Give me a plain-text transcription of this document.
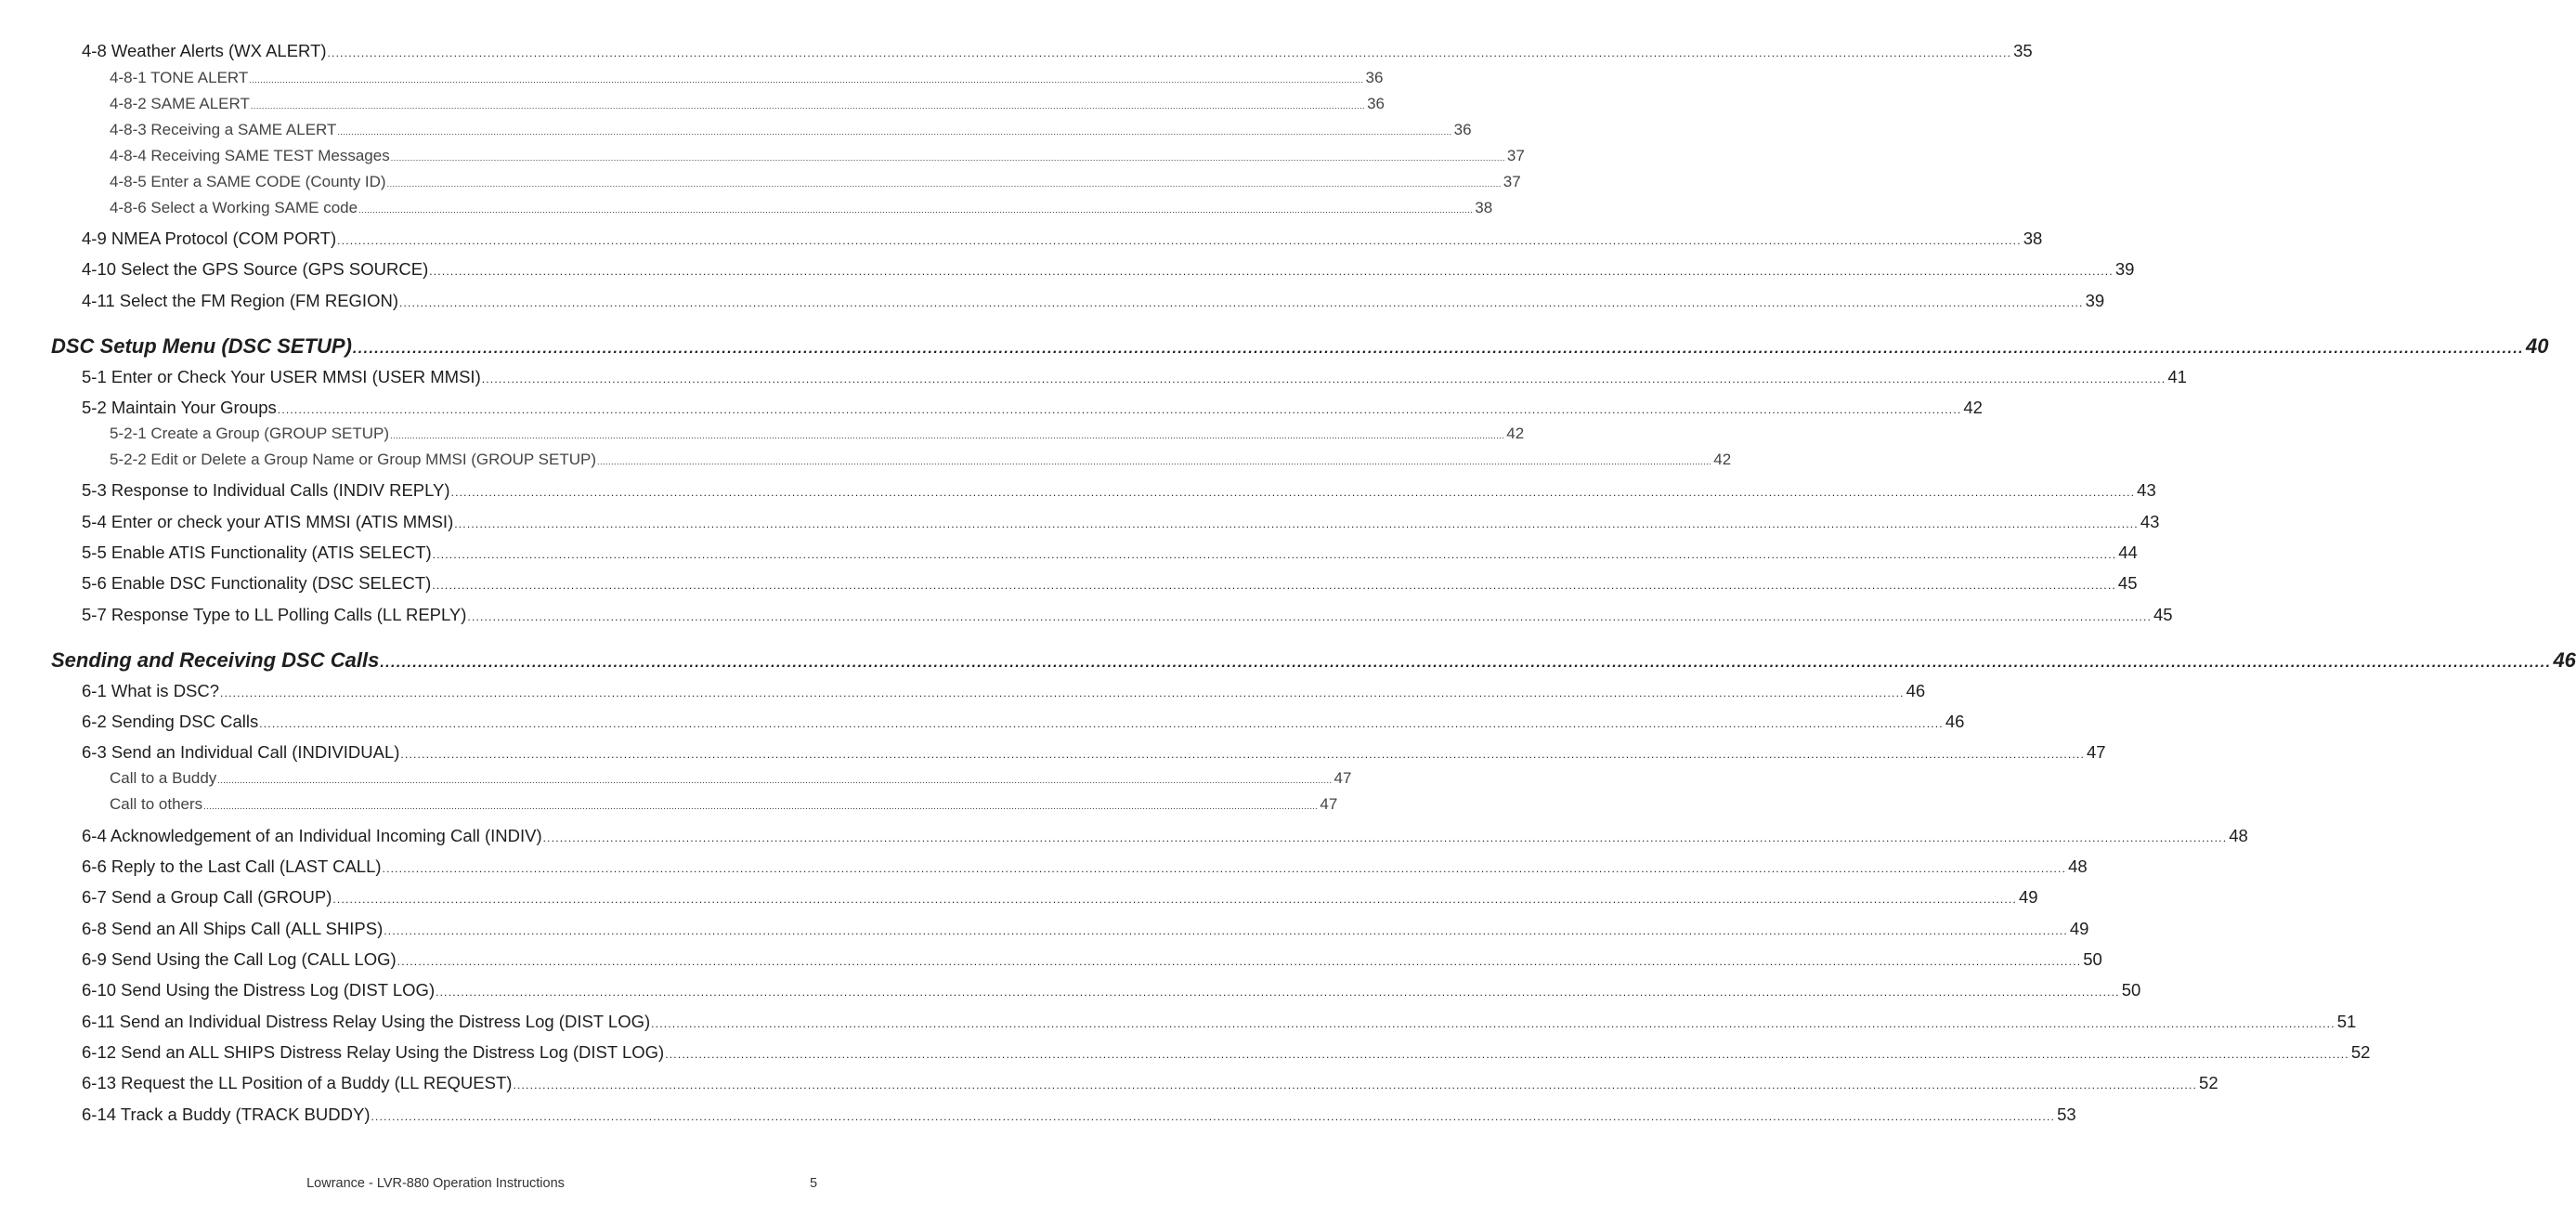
4-8 Weather Alerts (WX ALERT) ................................................................................................................................................................................................................................................................................................................................................................................................................ 35
4-8-1 TONE ALERT ................................................................................................................................................................................................................................................................................................................................................................................................................ 36
4-8-2 SAME ALERT ................................................................................................................................................................................................................................................................................................................................................................................................................ 36
4-8-3 Receiving a SAME ALERT ................................................................................................................................................................................................................................................................................................................................................................................................................ 36
4-8-4 Receiving SAME TEST Messages ................................................................................................................................................................................................................................................................................................................................................................................................................ 37
4-8-5 Enter a SAME CODE (County ID) ................................................................................................................................................................................................................................................................................................................................................................................................................ 37
4-8-6 Select a Working SAME code ................................................................................................................................................................................................................................................................................................................................................................................................................ 38
4-9 NMEA Protocol (COM PORT) ................................................................................................................................................................................................................................................................................................................................................................................................................ 38
4-10 Select the GPS Source (GPS SOURCE) ................................................................................................................................................................................................................................................................................................................................................................................................................ 39
4-11 Select the FM Region (FM REGION) ................................................................................................................................................................................................................................................................................................................................................................................................................ 39
DSC Setup Menu (DSC SETUP) ................................................................................................................................................................................................................................................................................................................................................................................................................ 40
5-1 Enter or Check Your USER MMSI (USER MMSI) ................................................................................................................................................................................................................................................................................................................................................................................................................ 41
5-2 Maintain Your Groups ................................................................................................................................................................................................................................................................................................................................................................................................................ 42
5-2-1 Create a Group (GROUP SETUP) ................................................................................................................................................................................................................................................................................................................................................................................................................ 42
5-2-2 Edit or Delete a Group Name or Group MMSI (GROUP SETUP) ................................................................................................................................................................................................................................................................................................................................................................................................................ 42
5-3 Response to Individual Calls (INDIV REPLY) ................................................................................................................................................................................................................................................................................................................................................................................................................ 43
5-4 Enter or check your ATIS MMSI (ATIS MMSI) ................................................................................................................................................................................................................................................................................................................................................................................................................ 43
5-5 Enable ATIS Functionality (ATIS SELECT) ................................................................................................................................................................................................................................................................................................................................................................................................................ 44
5-6 Enable DSC Functionality (DSC SELECT) ................................................................................................................................................................................................................................................................................................................................................................................................................ 45
5-7 Response Type to LL Polling Calls (LL REPLY) ................................................................................................................................................................................................................................................................................................................................................................................................................ 45
Sending and Receiving DSC Calls ................................................................................................................................................................................................................................................................................................................................................................................................................ 46
6-1 What is DSC? ................................................................................................................................................................................................................................................................................................................................................................................................................ 46
6-2 Sending DSC Calls ................................................................................................................................................................................................................................................................................................................................................................................................................ 46
6-3 Send an Individual Call (INDIVIDUAL) ................................................................................................................................................................................................................................................................................................................................................................................................................ 47
Call to a Buddy ................................................................................................................................................................................................................................................................................................................................................................................................................ 47
Call to others ................................................................................................................................................................................................................................................................................................................................................................................................................ 47
6-4 Acknowledgement of an Individual Incoming Call (INDIV) ................................................................................................................................................................................................................................................................................................................................................................................................................ 48
6-6 Reply to the Last Call (LAST CALL) ................................................................................................................................................................................................................................................................................................................................................................................................................ 48
6-7 Send a Group Call (GROUP) ................................................................................................................................................................................................................................................................................................................................................................................................................ 49
6-8 Send an All Ships Call (ALL SHIPS) ................................................................................................................................................................................................................................................................................................................................................................................................................ 49
6-9 Send Using the Call Log (CALL LOG) ................................................................................................................................................................................................................................................................................................................................................................................................................ 50
6-10 Send Using the Distress Log (DIST LOG) ................................................................................................................................................................................................................................................................................................................................................................................................................ 50
6-11 Send an Individual Distress Relay Using the Distress Log (DIST LOG) ................................................................................................................................................................................................................................................................................................................................................................................................................ 51
6-12 Send an ALL SHIPS Distress Relay Using the Distress Log (DIST LOG) ................................................................................................................................................................................................................................................................................................................................................................................................................ 52
6-13 Request the LL Position of a Buddy (LL REQUEST) ................................................................................................................................................................................................................................................................................................................................................................................................................ 52
6-14 Track a Buddy (TRACK BUDDY) ................................................................................................................................................................................................................................................................................................................................................................................................................ 53
Lowrance - LVR-880 Operation Instructions	5
